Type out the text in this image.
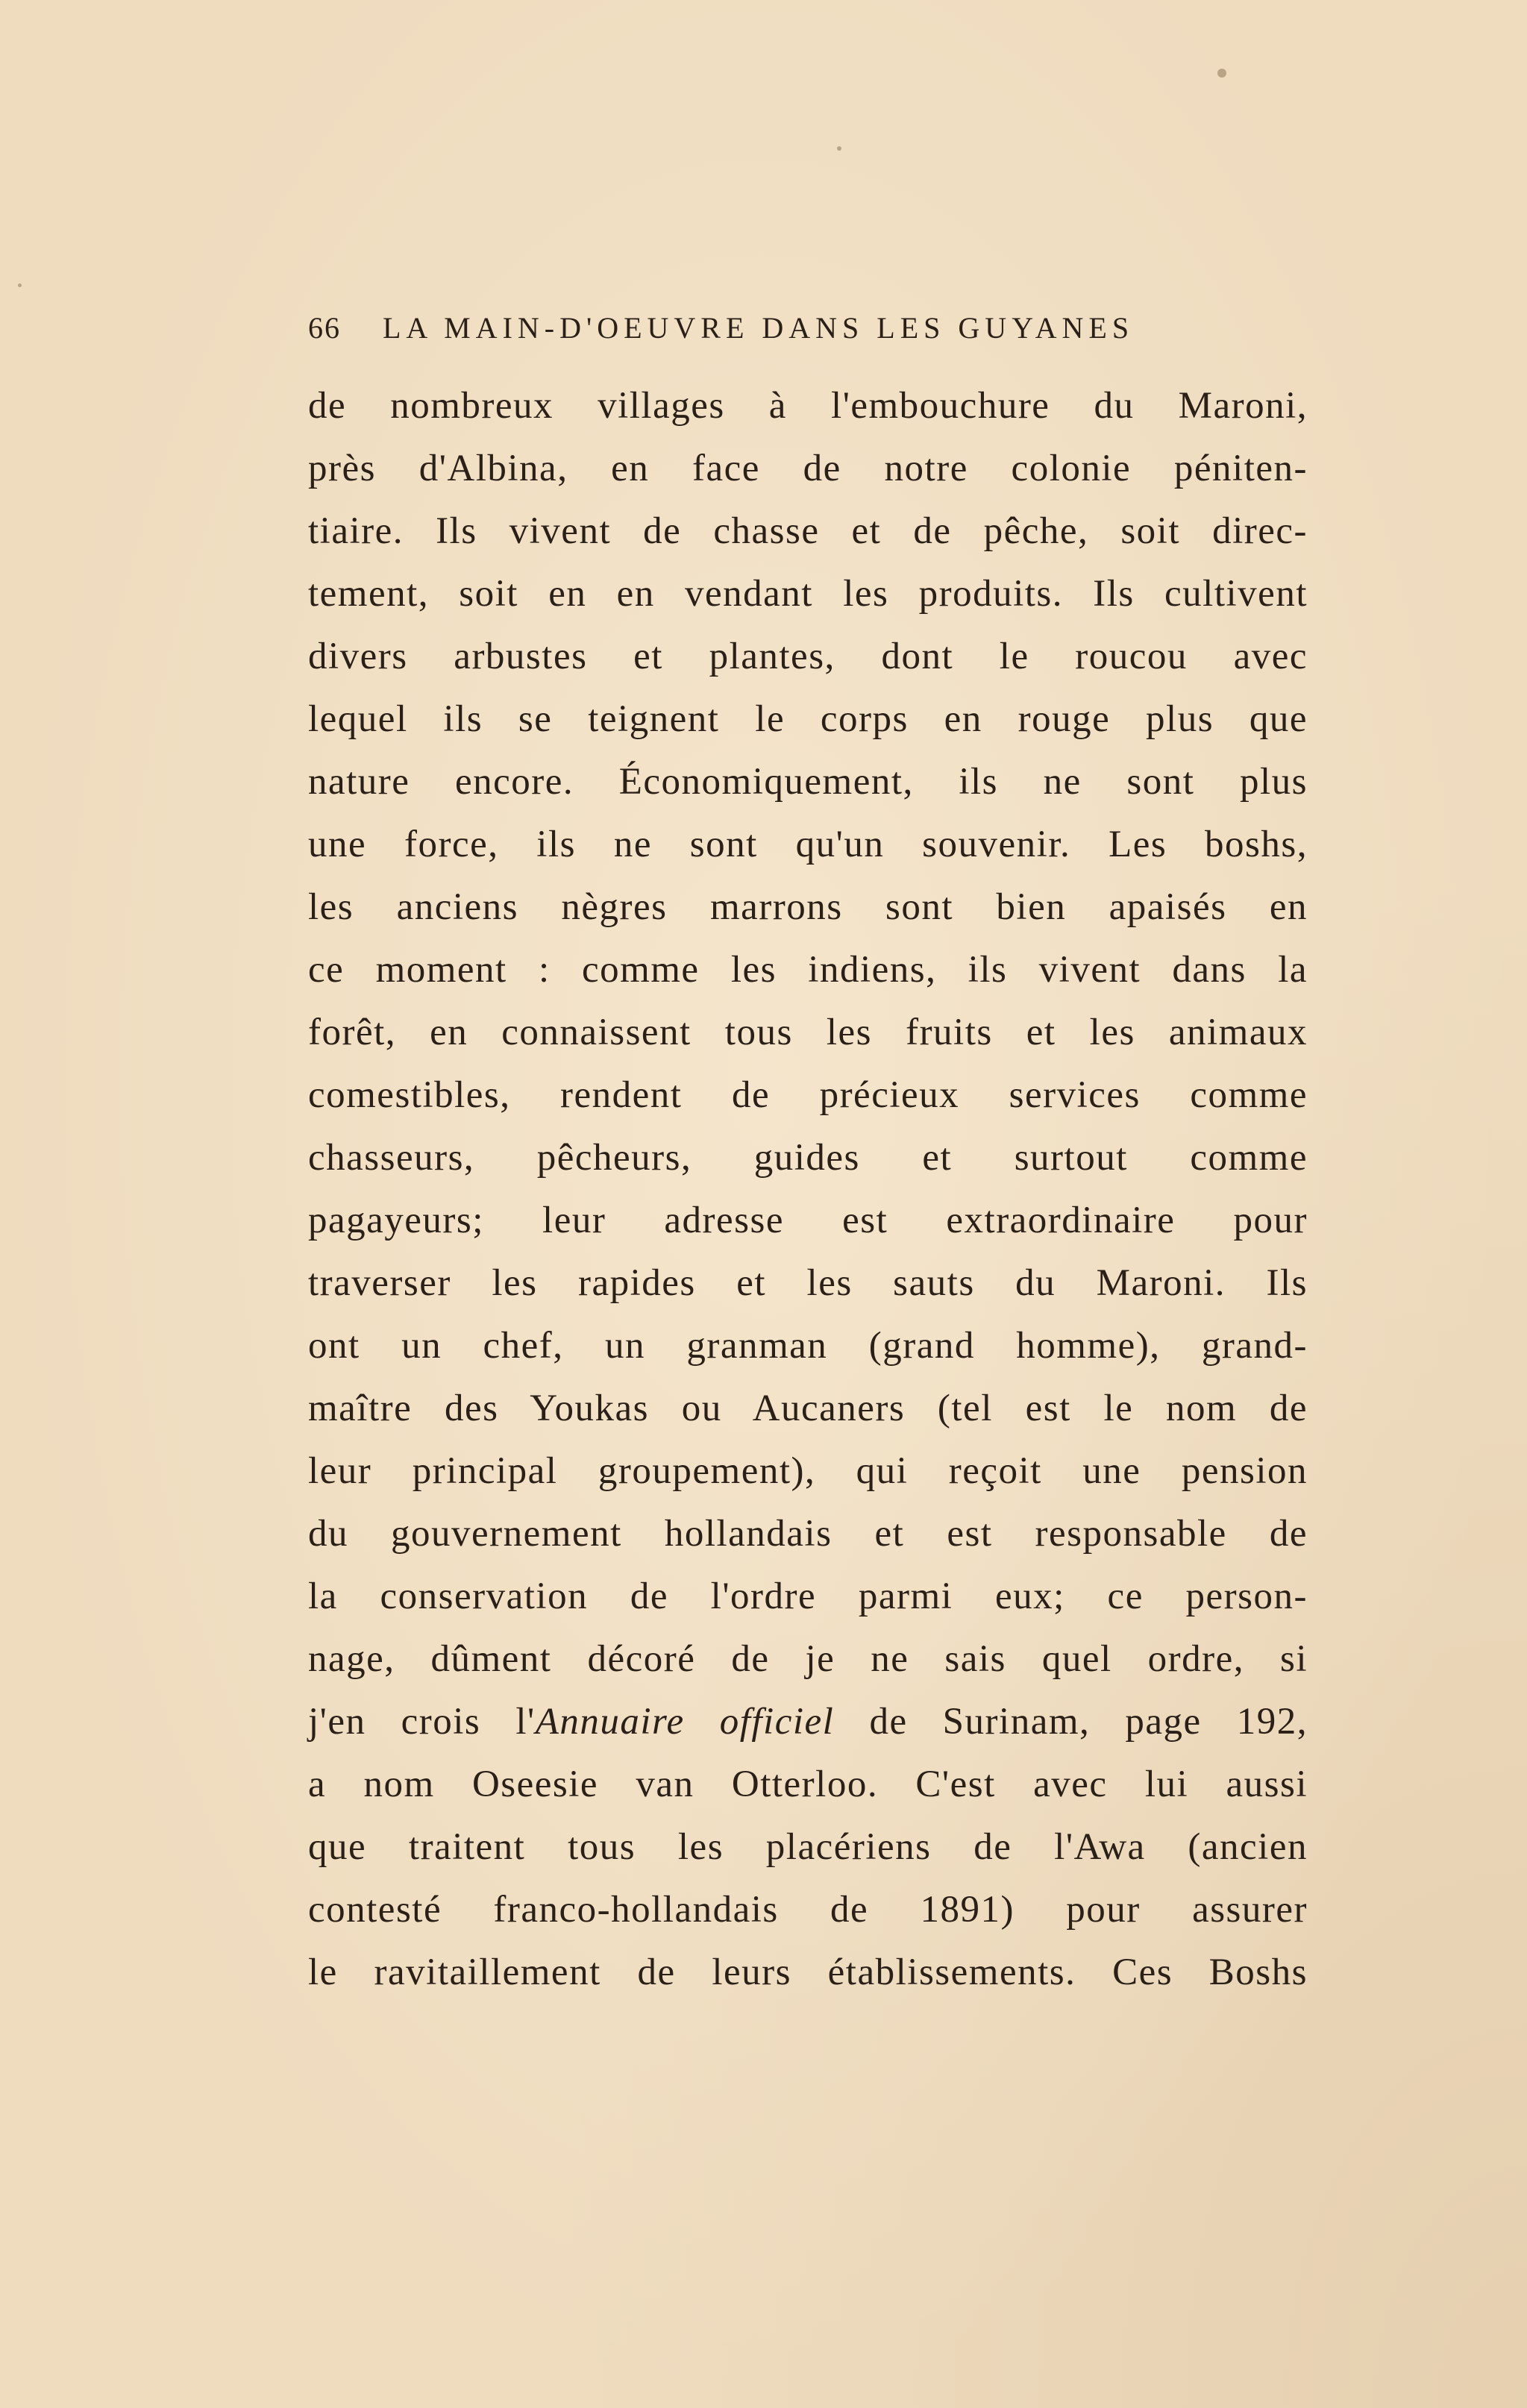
66 LA MAIN-D'OEUVRE DANS LES GUYANES
de nombreux villages à l'embouchure du Maroni,
près d'Albina, en face de notre colonie péniten-
tiaire. Ils vivent de chasse et de pêche, soit direc-
tement, soit en en vendant les produits. Ils cultivent
divers arbustes et plantes, dont le roucou avec
lequel ils se teignent le corps en rouge plus que
nature encore. Économiquement, ils ne sont plus
une force, ils ne sont qu'un souvenir. Les boshs,
les anciens nègres marrons sont bien apaisés en
ce moment : comme les indiens, ils vivent dans la
forêt, en connaissent tous les fruits et les animaux
comestibles, rendent de précieux services comme
chasseurs, pêcheurs, guides et surtout comme
pagayeurs; leur adresse est extraordinaire pour
traverser les rapides et les sauts du Maroni. Ils
ont un chef, un granman (grand homme), grand-
maître des Youkas ou Aucaners (tel est le nom de
leur principal groupement), qui reçoit une pension
du gouvernement hollandais et est responsable de
la conservation de l'ordre parmi eux; ce person-
nage, dûment décoré de je ne sais quel ordre, si
j'en crois l'Annuaire officiel de Surinam, page 192,
a nom Oseesie van Otterloo. C'est avec lui aussi
que traitent tous les placériens de l'Awa (ancien
contesté franco-hollandais de 1891) pour assurer
le ravitaillement de leurs établissements. Ces Boshs
